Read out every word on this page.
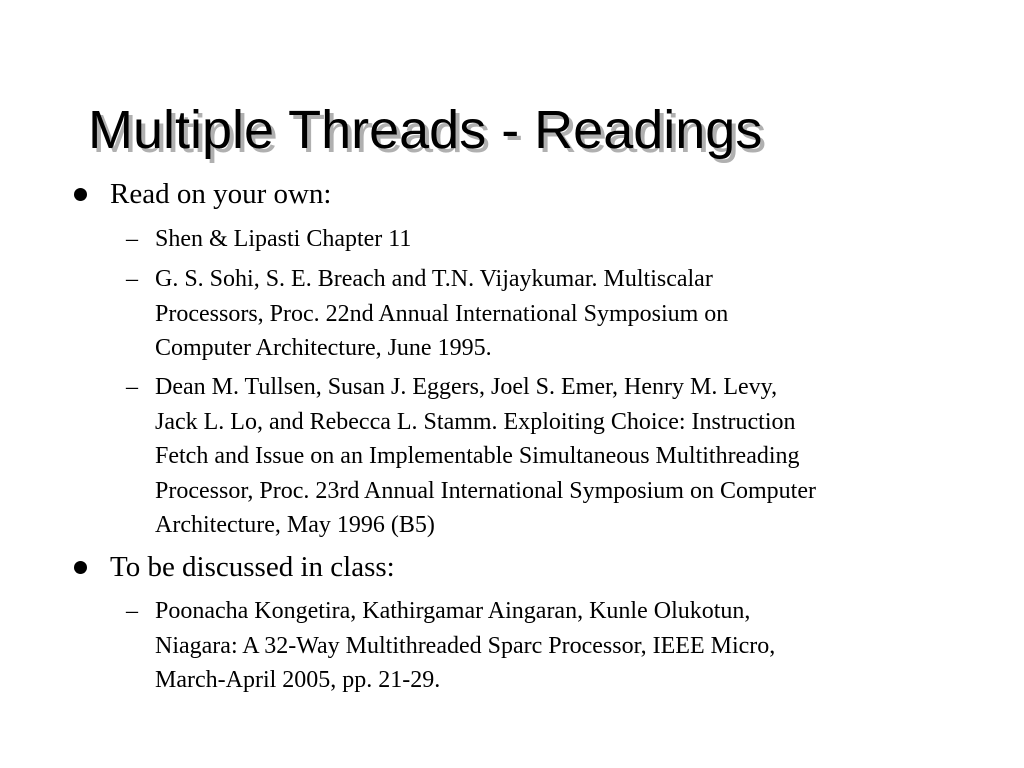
Multiple Threads - Readings
Read on your own:
– Shen & Lipasti Chapter 11
– G. S. Sohi, S. E. Breach and T.N. Vijaykumar. Multiscalar
Processors, Proc. 22nd Annual International Symposium on
Computer Architecture, June 1995.
– Dean M. Tullsen, Susan J. Eggers, Joel S. Emer, Henry M. Levy,
Jack L. Lo, and Rebecca L. Stamm. Exploiting Choice: Instruction
Fetch and Issue on an Implementable Simultaneous Multithreading
Processor, Proc. 23rd Annual International Symposium on Computer
Architecture, May 1996 (B5)
To be discussed in class:
– Poonacha Kongetira, Kathirgamar Aingaran, Kunle Olukotun,
Niagara: A 32-Way Multithreaded Sparc Processor, IEEE Micro,
March-April 2005, pp. 21-29.
